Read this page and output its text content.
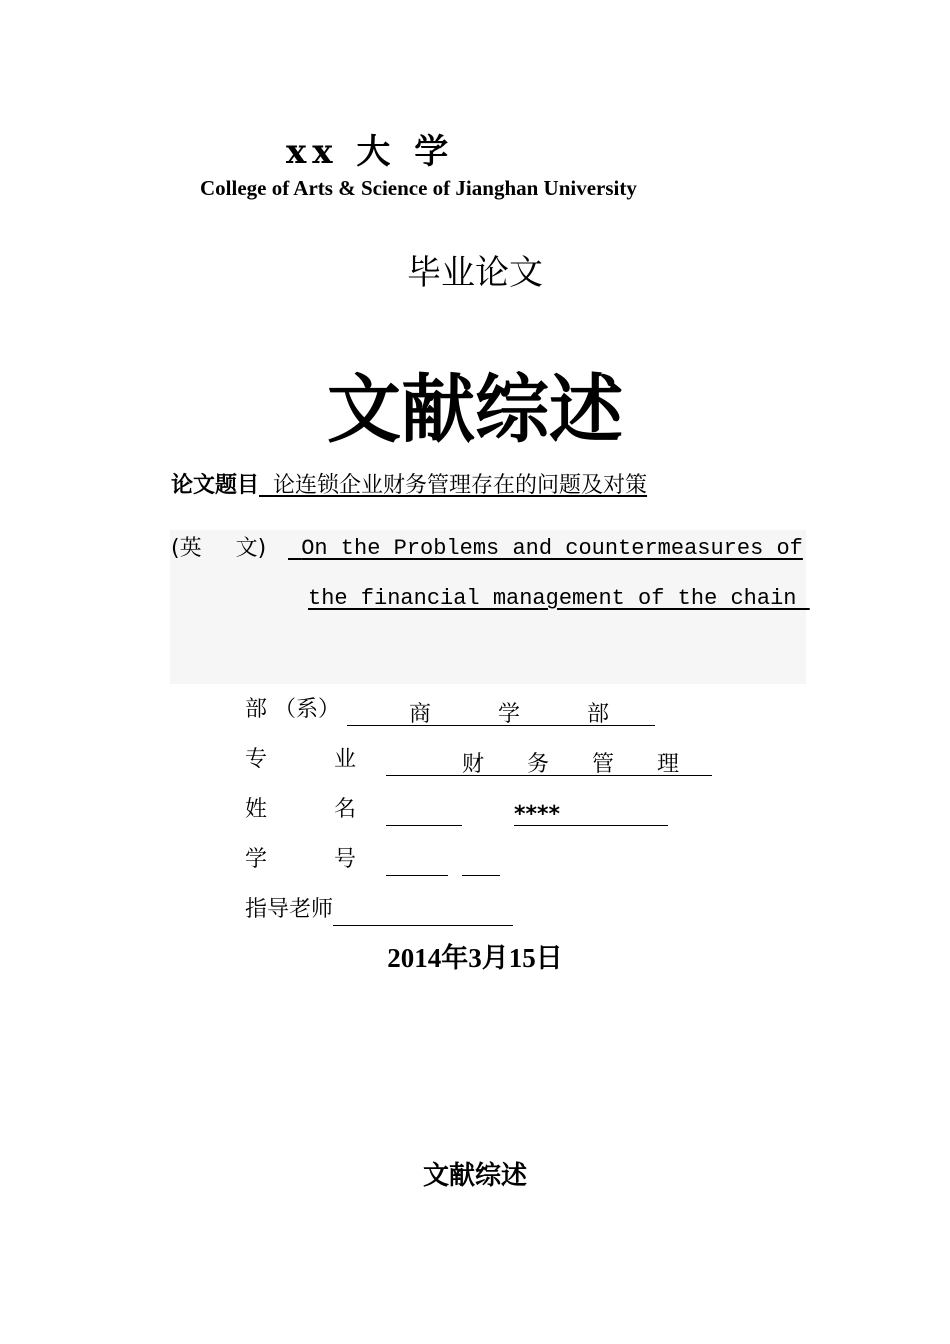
xx 大 学
College of Arts & Science of Jianghan University
毕业论文
文献综述
论文题目 论连锁企业财务管理存在的问题及对策
(英 文)	On the Problems and countermeasures of
the financial management of the chain
部 （系）	商 学 部
专 业	财 务 管 理
姓 名	****
学 号
指导老师
2014年3月15日
文献综述
